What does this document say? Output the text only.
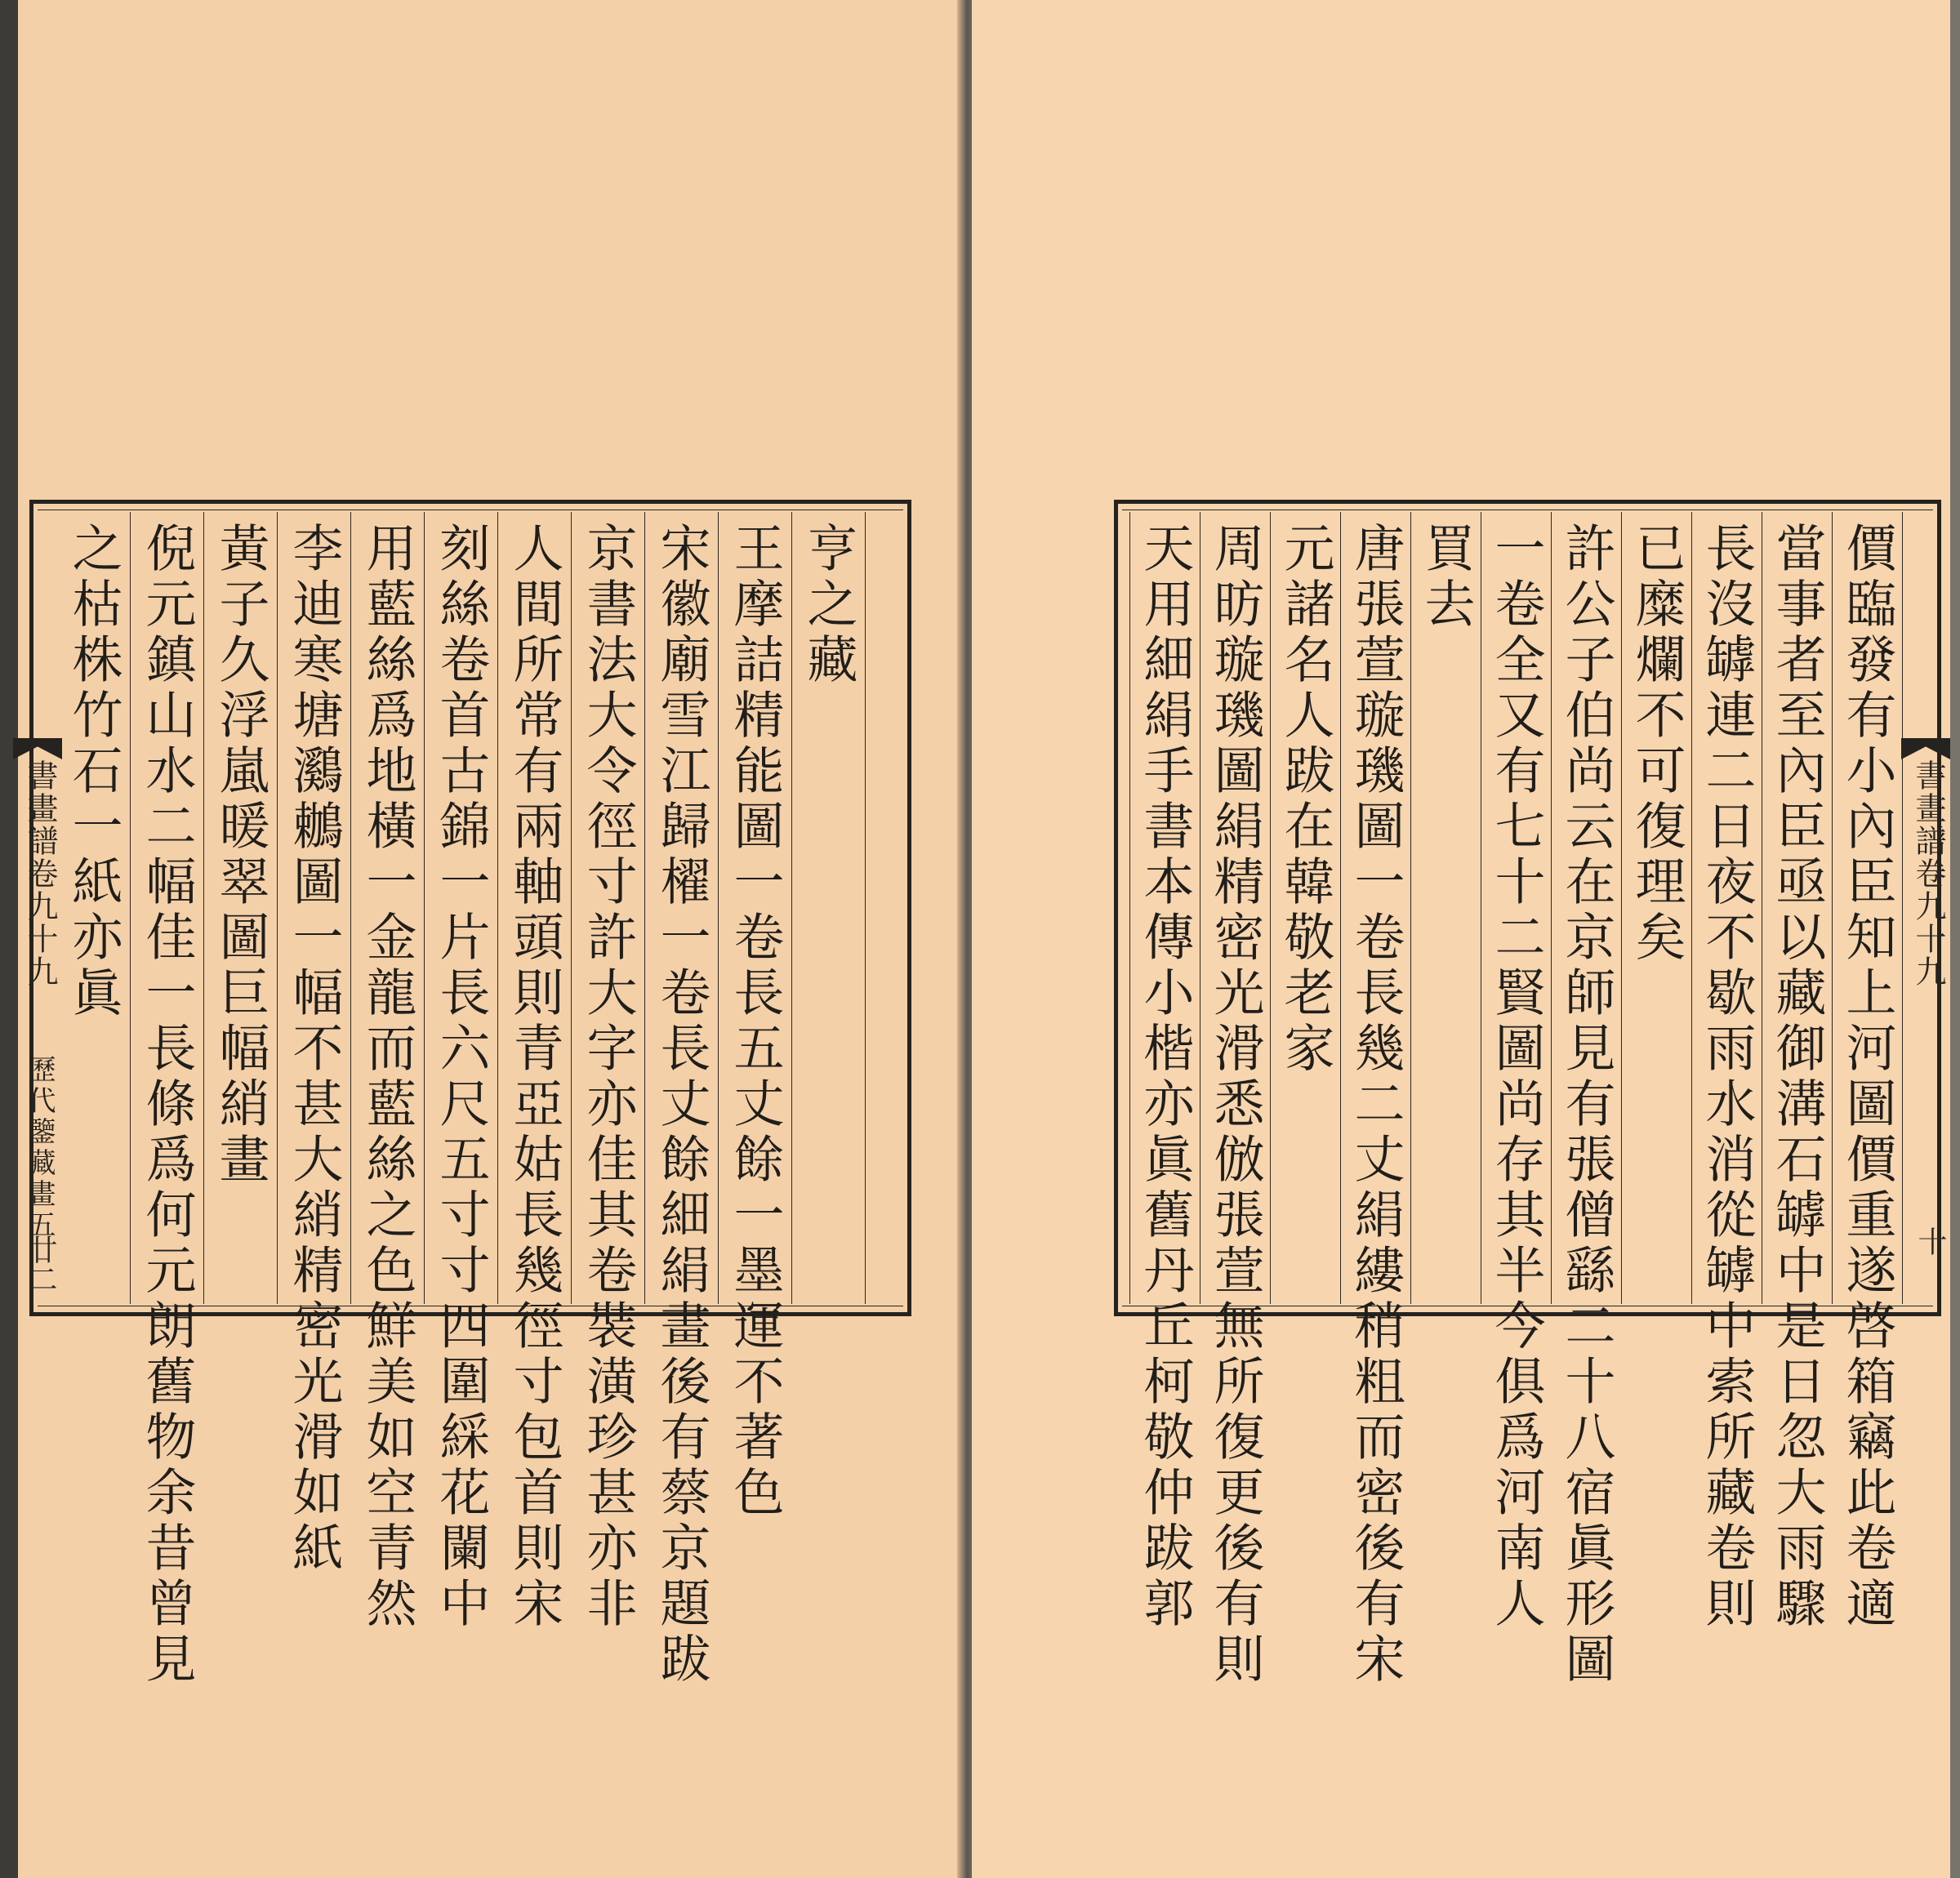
亨之藏
王摩詰精能圖一卷長五丈餘一墨運不著色
宋徽廟雪江歸櫂一卷長丈餘細絹畫後有蔡京題跋
京書法大令徑寸許大字亦佳其卷裝潢珍甚亦非
人間所常有兩軸頭則青亞姑長幾徑寸包首則宋
刻絲卷首古錦一片長六尺五寸寸四圍綵花闌中
用藍絲爲地橫一金龍而藍絲之色鮮美如空青然
李迪寒塘鸂鶒圖一幅不甚大綃精密光滑如紙
黃子久浮嵐暖翠圖巨幅綃畫
倪元鎮山水二幅佳一長條爲何元朗舊物余昔曾見
之枯株竹石一紙亦眞
書畫譜卷九十九
歷代鑒藏畫五
廿二	價臨發有小內臣知上河圖價重遂啓箱竊此卷適
當事者至內臣亟以藏御溝石罅中是日忽大雨驟
長沒罅連二日夜不歇雨水消從罅中索所藏卷則
已糜爛不可復理矣
許公子伯尚云在京師見有張僧繇二十八宿眞形圖
一卷全又有七十二賢圖尚存其半今俱爲河南人
買去
唐張萱璇璣圖一卷長幾二丈絹縷稍粗而密後有宋
元諸名人跋在韓敬老家
周昉璇璣圖絹精密光滑悉倣張萱無所復更後有則
天用細絹手書本傳小楷亦眞舊丹丘柯敬仲跋郭	書畫譜卷九十九
十
